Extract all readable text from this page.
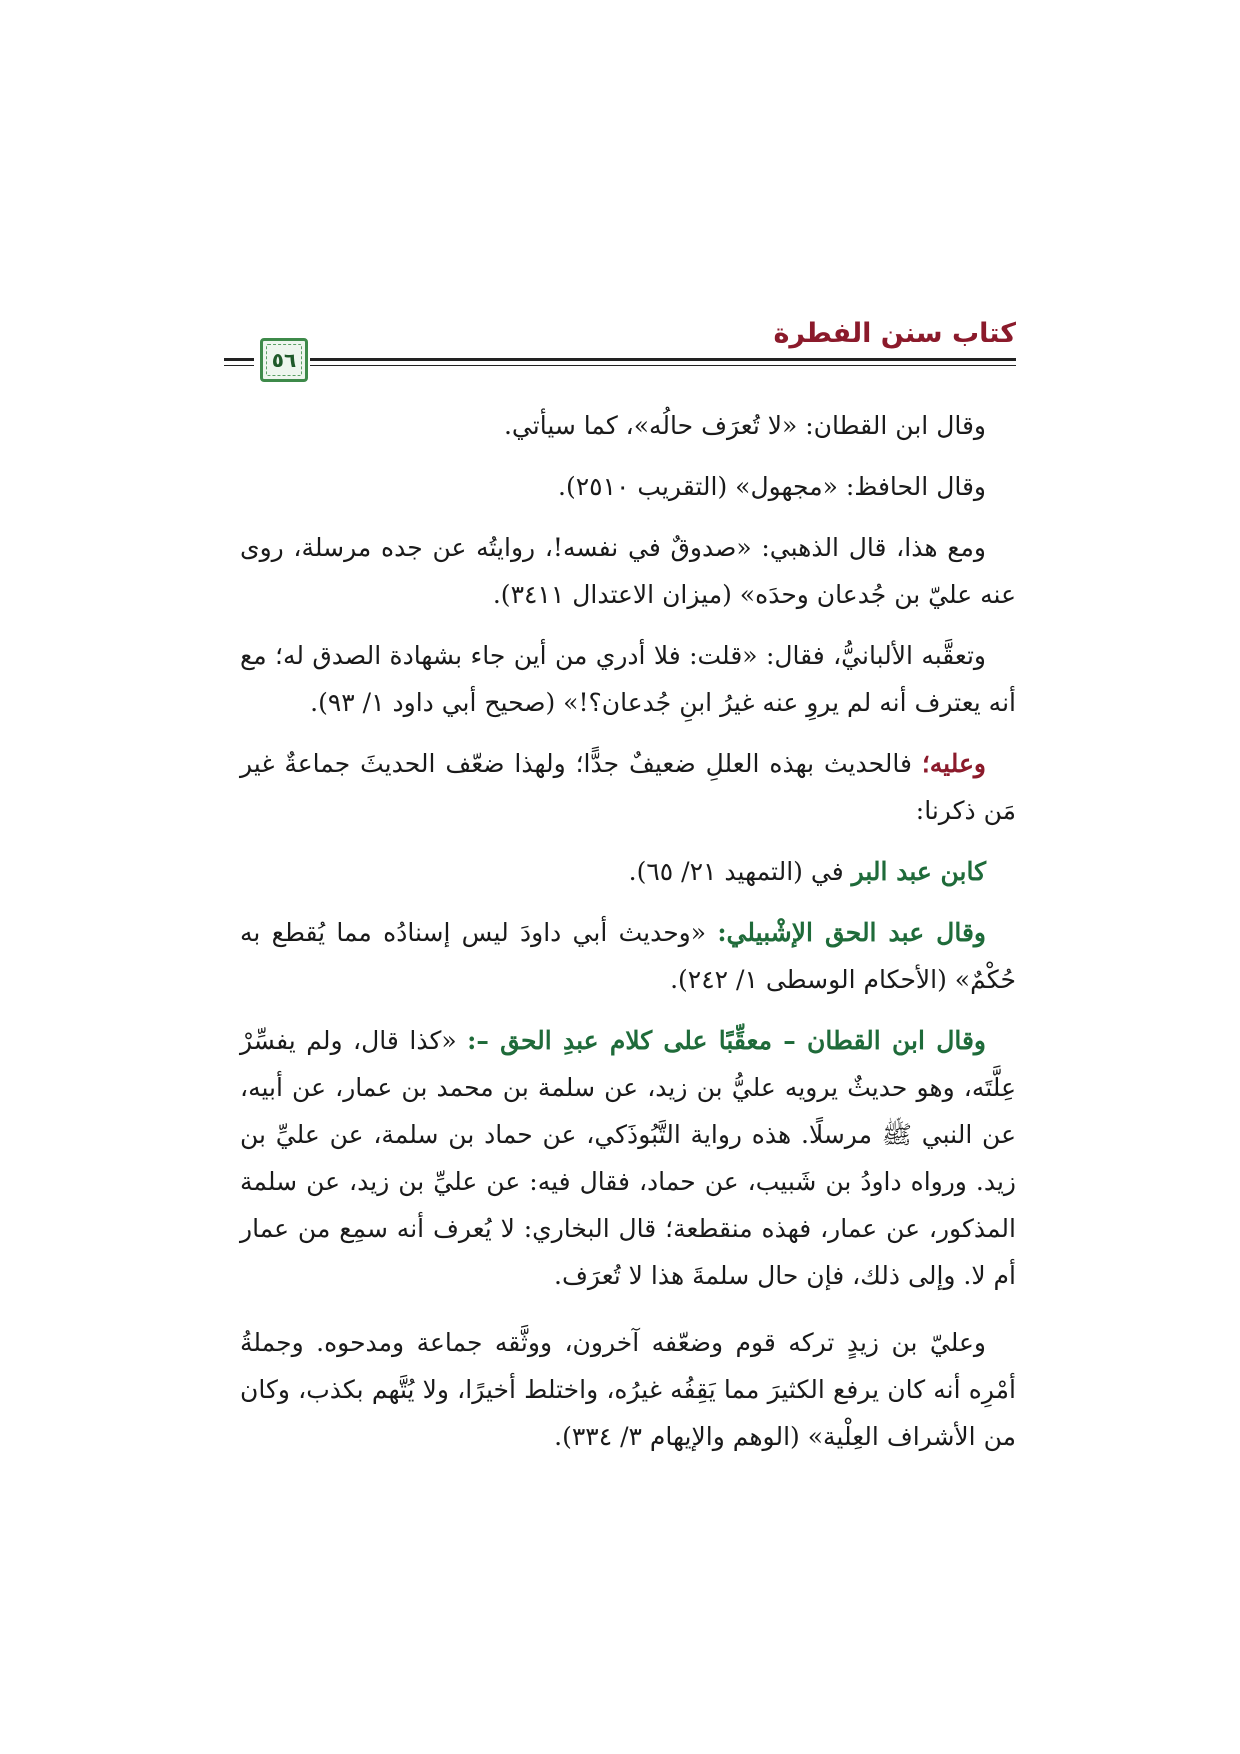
كتاب سنن الفطرة
٥٦

وقال ابن القطان: «لا تُعرَف حالُه»، كما سيأتي.

وقال الحافظ: «مجهول» (التقريب ٢٥١٠).

ومع هذا، قال الذهبي: «صدوقٌ في نفسه!، روايتُه عن جده مرسلة، روى عنه عليّ بن جُدعان وحدَه» (ميزان الاعتدال ٣٤١١).

وتعقَّبه الألبانيُّ، فقال: «قلت: فلا أدري من أين جاء بشهادة الصدق له؛ مع أنه يعترف أنه لم يروِ عنه غيرُ ابنِ جُدعان؟!» (صحيح أبي داود ١/ ٩٣).

وعليه؛ فالحديث بهذه العللِ ضعيفٌ جدًّا؛ ولهذا ضعّف الحديثَ جماعةٌ غير مَن ذكرنا:

كابن عبد البر في (التمهيد ٢١/ ٦٥).

وقال عبد الحق الإشْبيلي: «وحديث أبي داودَ ليس إسنادُه مما يُقطع به حُكْمٌ» (الأحكام الوسطى ١/ ٢٤٢).

وقال ابن القطان – معقِّبًا على كلام عبدِ الحق –: «كذا قال، ولم يفسِّرْ عِلَّتَه، وهو حديثٌ يرويه عليُّ بن زيد، عن سلمة بن محمد بن عمار، عن أبيه، عن النبي ﷺ مرسلًا. هذه رواية التَّبُوذَكي، عن حماد بن سلمة، عن عليِّ بن زيد. ورواه داودُ بن شَبيب، عن حماد، فقال فيه: عن عليِّ بن زيد، عن سلمة المذكور، عن عمار، فهذه منقطعة؛ قال البخاري: لا يُعرف أنه سمِع من عمار أم لا. وإلى ذلك، فإن حال سلمةَ هذا لا تُعرَف.

وعليّ بن زيدٍ تركه قوم وضعّفه آخرون، ووثَّقه جماعة ومدحوه. وجملةُ أمْرِه أنه كان يرفع الكثيرَ مما يَقِفُه غيرُه، واختلط أخيرًا، ولا يُتَّهم بكذب، وكان من الأشراف العِلْية» (الوهم والإيهام ٣/ ٣٣٤).
